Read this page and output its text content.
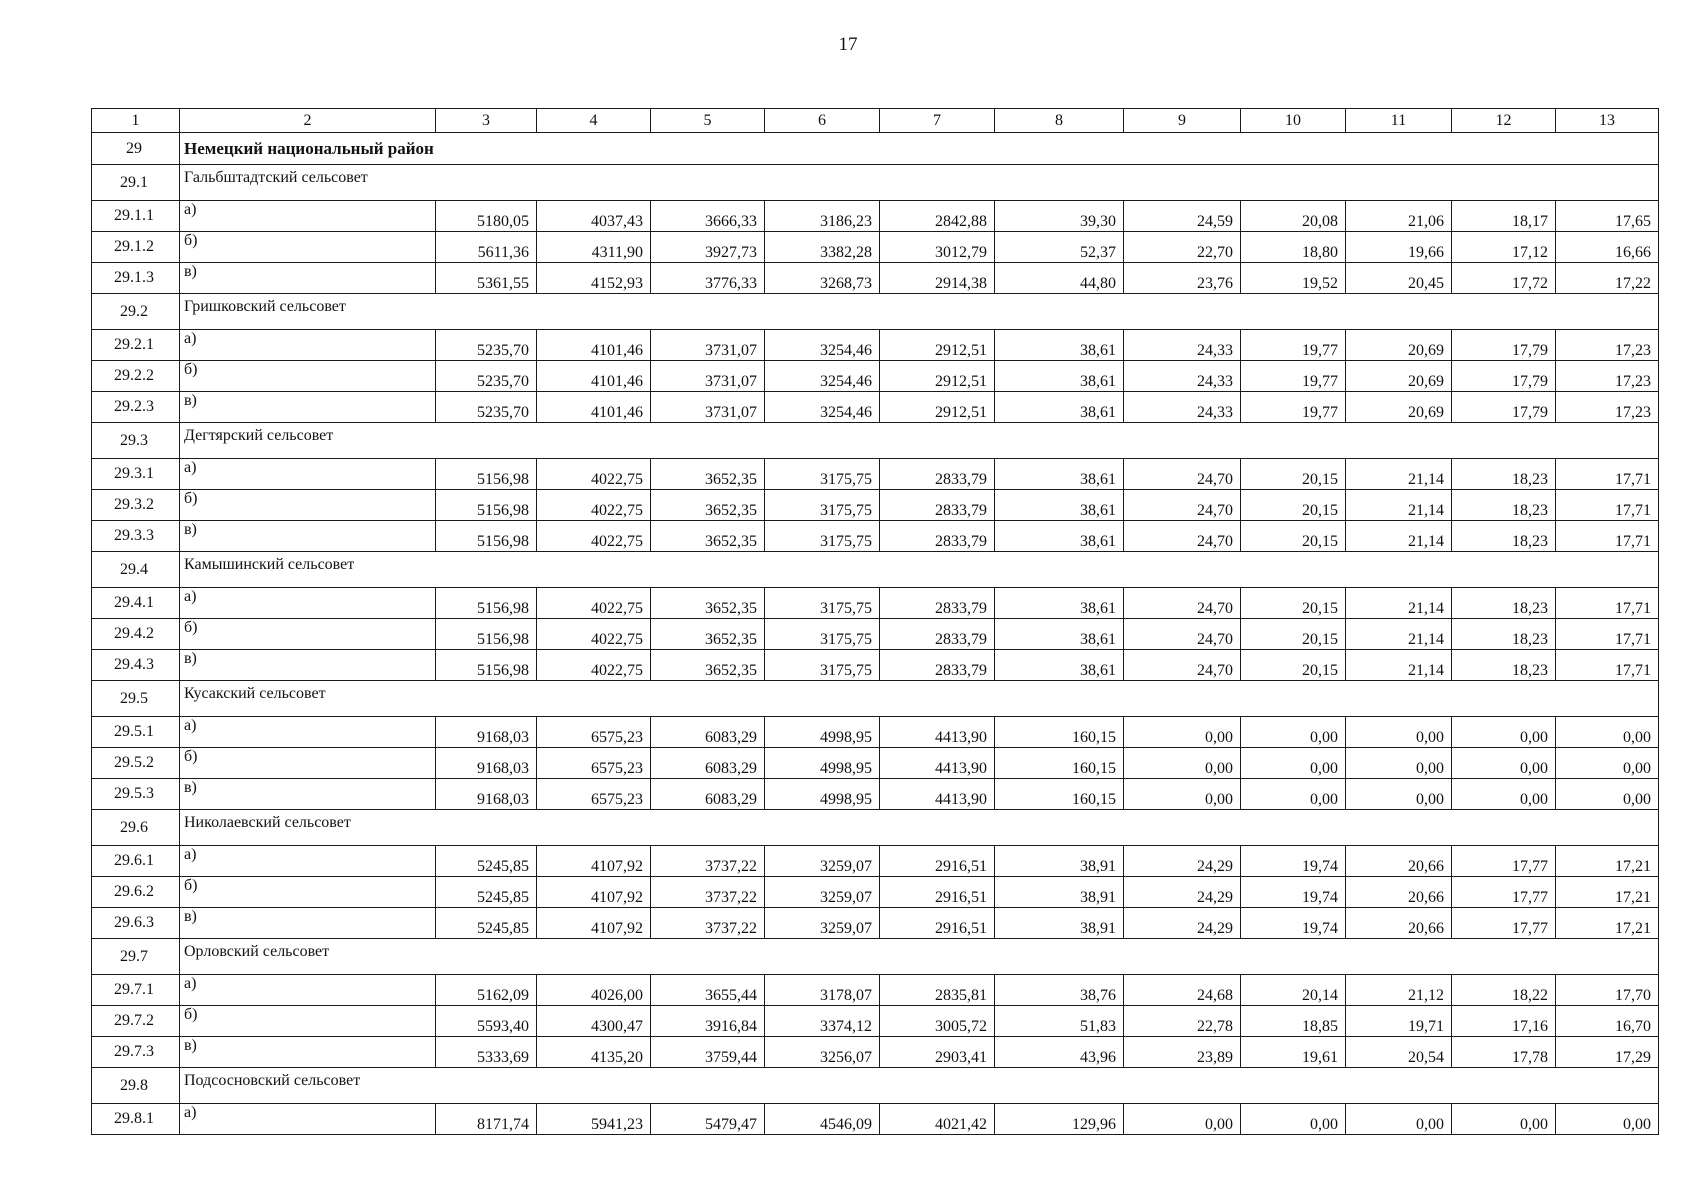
17
1	2	3	4	5	6	7	8	9	10	11	12	13
29	Немецкий национальный район											
29.1	Гальбштадтский сельсовет											
29.1.1	а)	5180,05	4037,43	3666,33	3186,23	2842,88	39,30	24,59	20,08	21,06	18,17	17,65
29.1.2	б)	5611,36	4311,90	3927,73	3382,28	3012,79	52,37	22,70	18,80	19,66	17,12	16,66
29.1.3	в)	5361,55	4152,93	3776,33	3268,73	2914,38	44,80	23,76	19,52	20,45	17,72	17,22
29.2	Гришковский сельсовет											
29.2.1	а)	5235,70	4101,46	3731,07	3254,46	2912,51	38,61	24,33	19,77	20,69	17,79	17,23
29.2.2	б)	5235,70	4101,46	3731,07	3254,46	2912,51	38,61	24,33	19,77	20,69	17,79	17,23
29.2.3	в)	5235,70	4101,46	3731,07	3254,46	2912,51	38,61	24,33	19,77	20,69	17,79	17,23
29.3	Дегтярский сельсовет											
29.3.1	а)	5156,98	4022,75	3652,35	3175,75	2833,79	38,61	24,70	20,15	21,14	18,23	17,71
29.3.2	б)	5156,98	4022,75	3652,35	3175,75	2833,79	38,61	24,70	20,15	21,14	18,23	17,71
29.3.3	в)	5156,98	4022,75	3652,35	3175,75	2833,79	38,61	24,70	20,15	21,14	18,23	17,71
29.4	Камышинский сельсовет											
29.4.1	а)	5156,98	4022,75	3652,35	3175,75	2833,79	38,61	24,70	20,15	21,14	18,23	17,71
29.4.2	б)	5156,98	4022,75	3652,35	3175,75	2833,79	38,61	24,70	20,15	21,14	18,23	17,71
29.4.3	в)	5156,98	4022,75	3652,35	3175,75	2833,79	38,61	24,70	20,15	21,14	18,23	17,71
29.5	Кусакский сельсовет											
29.5.1	а)	9168,03	6575,23	6083,29	4998,95	4413,90	160,15	0,00	0,00	0,00	0,00	0,00
29.5.2	б)	9168,03	6575,23	6083,29	4998,95	4413,90	160,15	0,00	0,00	0,00	0,00	0,00
29.5.3	в)	9168,03	6575,23	6083,29	4998,95	4413,90	160,15	0,00	0,00	0,00	0,00	0,00
29.6	Николаевский сельсовет											
29.6.1	а)	5245,85	4107,92	3737,22	3259,07	2916,51	38,91	24,29	19,74	20,66	17,77	17,21
29.6.2	б)	5245,85	4107,92	3737,22	3259,07	2916,51	38,91	24,29	19,74	20,66	17,77	17,21
29.6.3	в)	5245,85	4107,92	3737,22	3259,07	2916,51	38,91	24,29	19,74	20,66	17,77	17,21
29.7	Орловский сельсовет											
29.7.1	а)	5162,09	4026,00	3655,44	3178,07	2835,81	38,76	24,68	20,14	21,12	18,22	17,70
29.7.2	б)	5593,40	4300,47	3916,84	3374,12	3005,72	51,83	22,78	18,85	19,71	17,16	16,70
29.7.3	в)	5333,69	4135,20	3759,44	3256,07	2903,41	43,96	23,89	19,61	20,54	17,78	17,29
29.8	Подсосновский сельсовет											
29.8.1	а)	8171,74	5941,23	5479,47	4546,09	4021,42	129,96	0,00	0,00	0,00	0,00	0,00
